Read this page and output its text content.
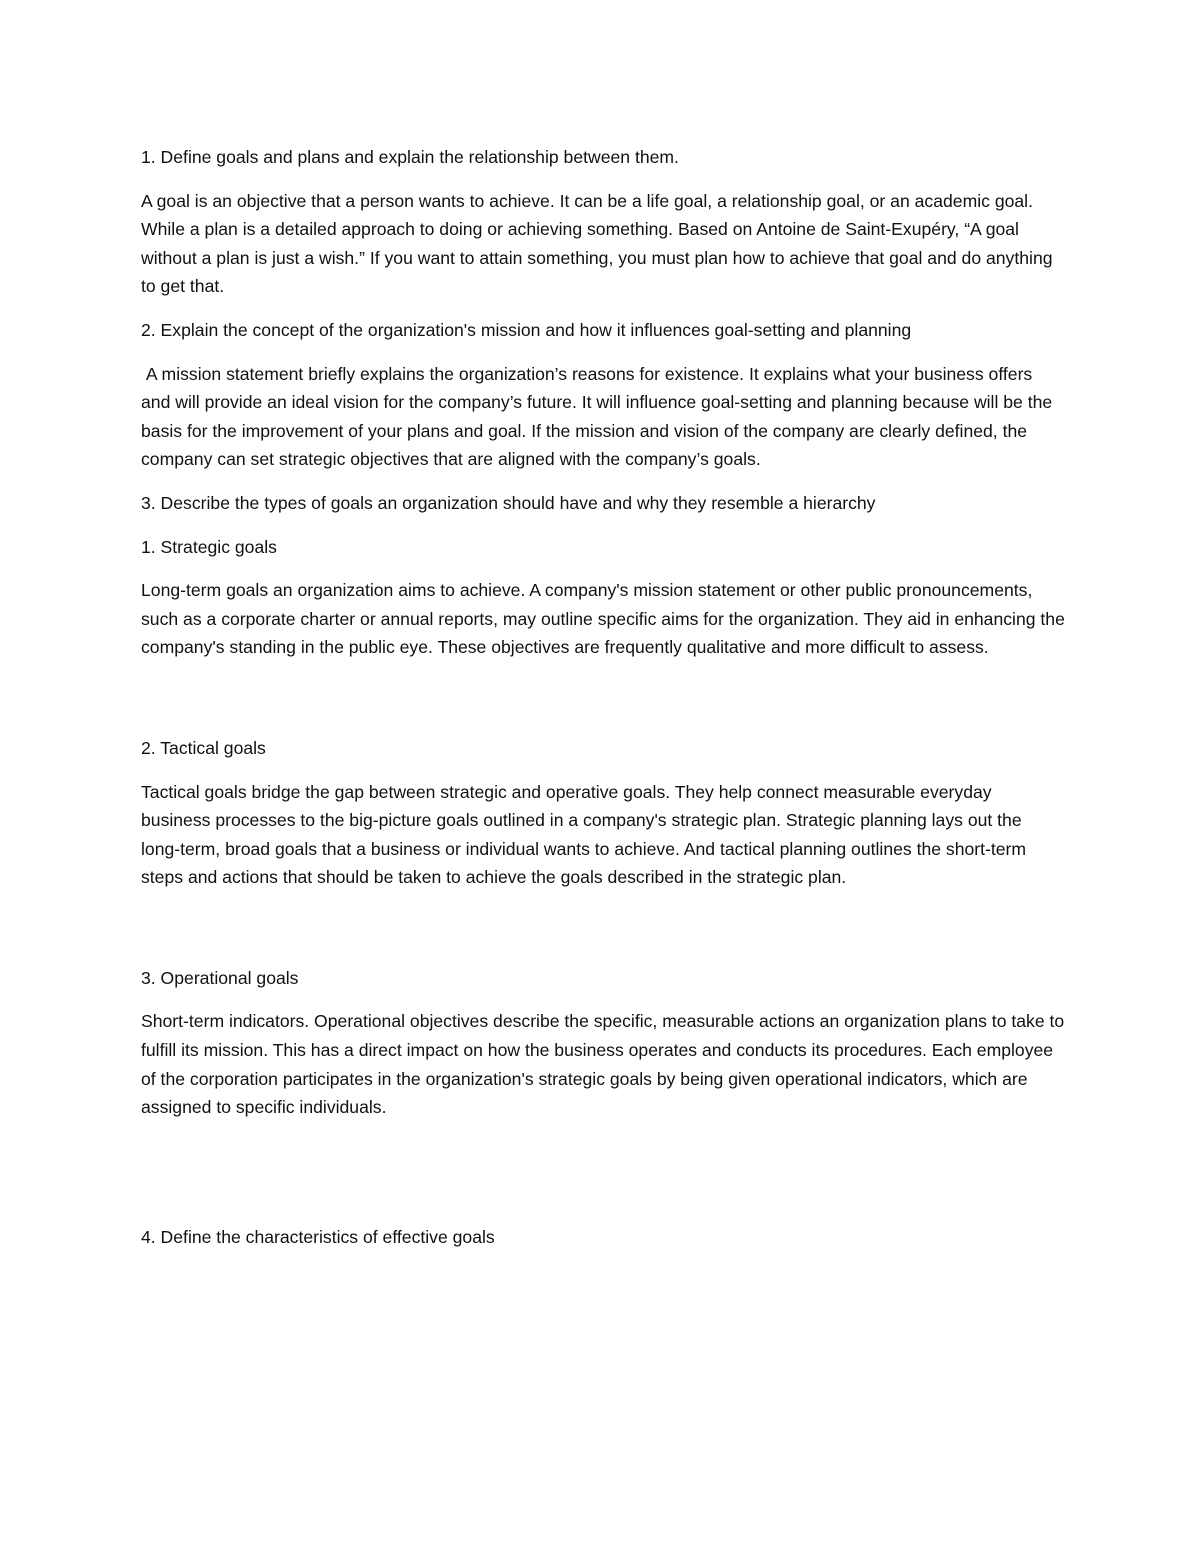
1. Define goals and plans and explain the relationship between them.

A goal is an objective that a person wants to achieve. It can be a life goal, a relationship goal, or an academic goal. While a plan is a detailed approach to doing or achieving something. Based on Antoine de Saint-Exupéry, “A goal without a plan is just a wish.” If you want to attain something, you must plan how to achieve that goal and do anything to get that.

2. Explain the concept of the organization's mission and how it influences goal-setting and planning

A mission statement briefly explains the organization’s reasons for existence. It explains what your business offers and will provide an ideal vision for the company’s future. It will influence goal-setting and planning because will be the basis for the improvement of your plans and goal. If the mission and vision of the company are clearly defined, the company can set strategic objectives that are aligned with the company’s goals.

3. Describe the types of goals an organization should have and why they resemble a hierarchy

1. Strategic goals

Long-term goals an organization aims to achieve. A company's mission statement or other public pronouncements, such as a corporate charter or annual reports, may outline specific aims for the organization. They aid in enhancing the company's standing in the public eye. These objectives are frequently qualitative and more difficult to assess.

2. Tactical goals

Tactical goals bridge the gap between strategic and operative goals. They help connect measurable everyday business processes to the big-picture goals outlined in a company's strategic plan. Strategic planning lays out the long-term, broad goals that a business or individual wants to achieve. And tactical planning outlines the short-term steps and actions that should be taken to achieve the goals described in the strategic plan.

3. Operational goals

Short-term indicators. Operational objectives describe the specific, measurable actions an organization plans to take to fulfill its mission. This has a direct impact on how the business operates and conducts its procedures. Each employee of the corporation participates in the organization's strategic goals by being given operational indicators, which are assigned to specific individuals.

4. Define the characteristics of effective goals
